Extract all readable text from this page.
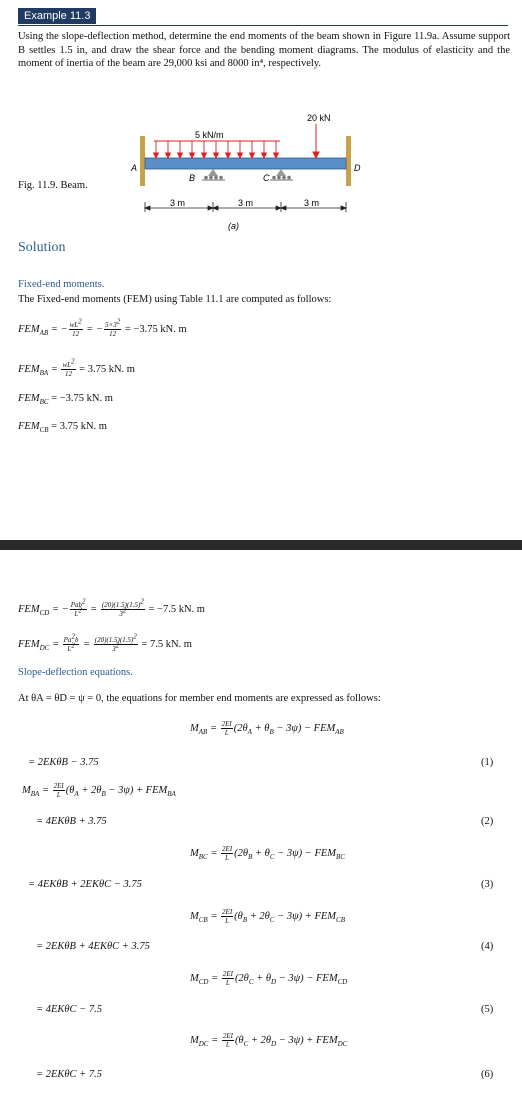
Example 11.3
Using the slope-deflection method, determine the end moments of the beam shown in Figure 11.9a. Assume support B settles 1.5 in, and draw the shear force and the bending moment diagrams. The modulus of elasticity and the moment of inertia of the beam are 29,000 ksi and 8000 in⁴, respectively.
5 kN/m
20 kN
A
B	C
D
3 m	3 m	3 m
(a)
Fig. 11.9. Beam.
Solution
Fixed-end moments.
The Fixed-end moments (FEM) using Table 11.1 are computed as follows:
$FEM_{AB}$ = − $\frac{wL^2}{12}$ = − $\frac{5\times 3^2}{12} = -3.75$ kN. m
$FEM_{BA} = \frac{wL^2}{12} = 3.75$ kN. m
$FEM_{BC} = -3.75$ kN. m
$FEM_{CB} = 3.75$ kN. m
$FEM_{CD}$ = − $\frac{Pab^2}{L^2} = \frac{(20)(1.5)(1.5)^2}{3^2} = -7.5$ kN. m
$FEM_{DC} = \frac{Pa^2b}{L^2} = \frac{(20)(1.5)(1.5)^2}{3^2} = 7.5$ kN. m
Slope-deflection equations.
At θA = θD = ψ = 0, the equations for member end moments are expressed as follows:
$M_{AB} = \frac{2EI}{L} (2\theta_A + \theta_B - 3\psi) - FEM_{AB}$
= 2EKθB − 3.75	(1)
$M_{BA} = \frac{2EI}{L} (\theta_A + 2\theta_B - 3\psi) + FEM_{BA}$
= 4EKθB + 3.75	(2)
$M_{BC} = \frac{2EI}{L} (2\theta_B + \theta_C - 3\psi) - FEM_{BC}$
= 4EKθB + 2EKθC − 3.75	(3)
$M_{CB} = \frac{2EI}{L} (\theta_B + 2\theta_C - 3\psi) + FEM_{CB}$
= 2EKθB + 4EKθC + 3.75	(4)
$M_{CD} = \frac{2EI}{L} (2\theta_C + \theta_D - 3\psi) - FEM_{CD}$
= 4EKθC − 7.5	(5)
$M_{DC} = \frac{2EI}{L} (\theta_C + 2\theta_D - 3\psi) + FEM_{DC}$
= 2EKθC + 7.5	(6)
